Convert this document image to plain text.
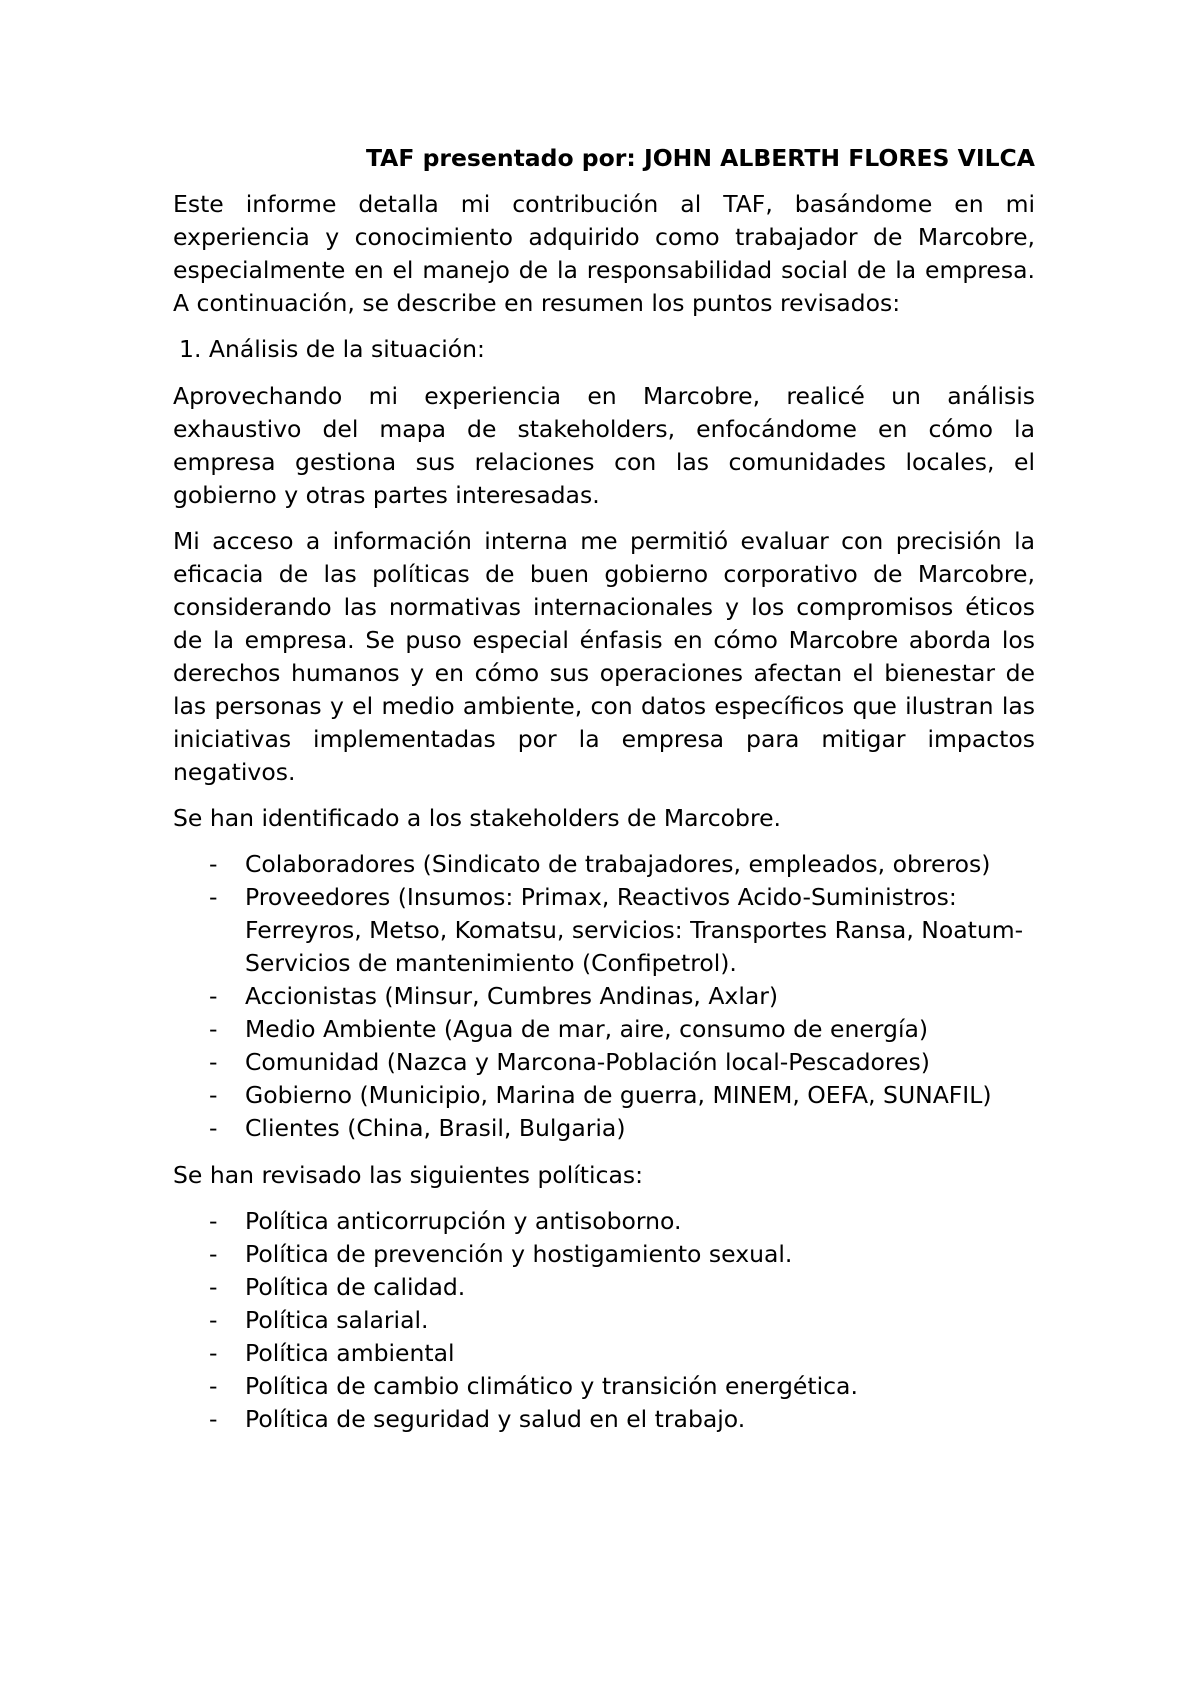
TAF presentado por: JOHN ALBERTH FLORES VILCA

Este informe detalla mi contribución al TAF, basándome en mi experiencia y conocimiento adquirido como trabajador de Marcobre, especialmente en el manejo de la responsabilidad social de la empresa. A continuación, se describe en resumen los puntos revisados:

1. Análisis de la situación:

Aprovechando mi experiencia en Marcobre, realicé un análisis exhaustivo del mapa de stakeholders, enfocándome en cómo la empresa gestiona sus relaciones con las comunidades locales, el gobierno y otras partes interesadas.

Mi acceso a información interna me permitió evaluar con precisión la eficacia de las políticas de buen gobierno corporativo de Marcobre, considerando las normativas internacionales y los compromisos éticos de la empresa. Se puso especial énfasis en cómo Marcobre aborda los derechos humanos y en cómo sus operaciones afectan el bienestar de las personas y el medio ambiente, con datos específicos que ilustran las iniciativas implementadas por la empresa para mitigar impactos negativos.

Se han identificado a los stakeholders de Marcobre.

- Colaboradores (Sindicato de trabajadores, empleados, obreros)
- Proveedores (Insumos: Primax, Reactivos Acido-Suministros: Ferreyros, Metso, Komatsu, servicios: Transportes Ransa, Noatum- Servicios de mantenimiento (Confipetrol).
- Accionistas (Minsur, Cumbres Andinas, Axlar)
- Medio Ambiente (Agua de mar, aire, consumo de energía)
- Comunidad (Nazca y Marcona-Población local-Pescadores)
- Gobierno (Municipio, Marina de guerra, MINEM, OEFA, SUNAFIL)
- Clientes (China, Brasil, Bulgaria)

Se han revisado las siguientes políticas:

- Política anticorrupción y antisoborno.
- Política de prevención y hostigamiento sexual.
- Política de calidad.
- Política salarial.
- Política ambiental
- Política de cambio climático y transición energética.
- Política de seguridad y salud en el trabajo.
